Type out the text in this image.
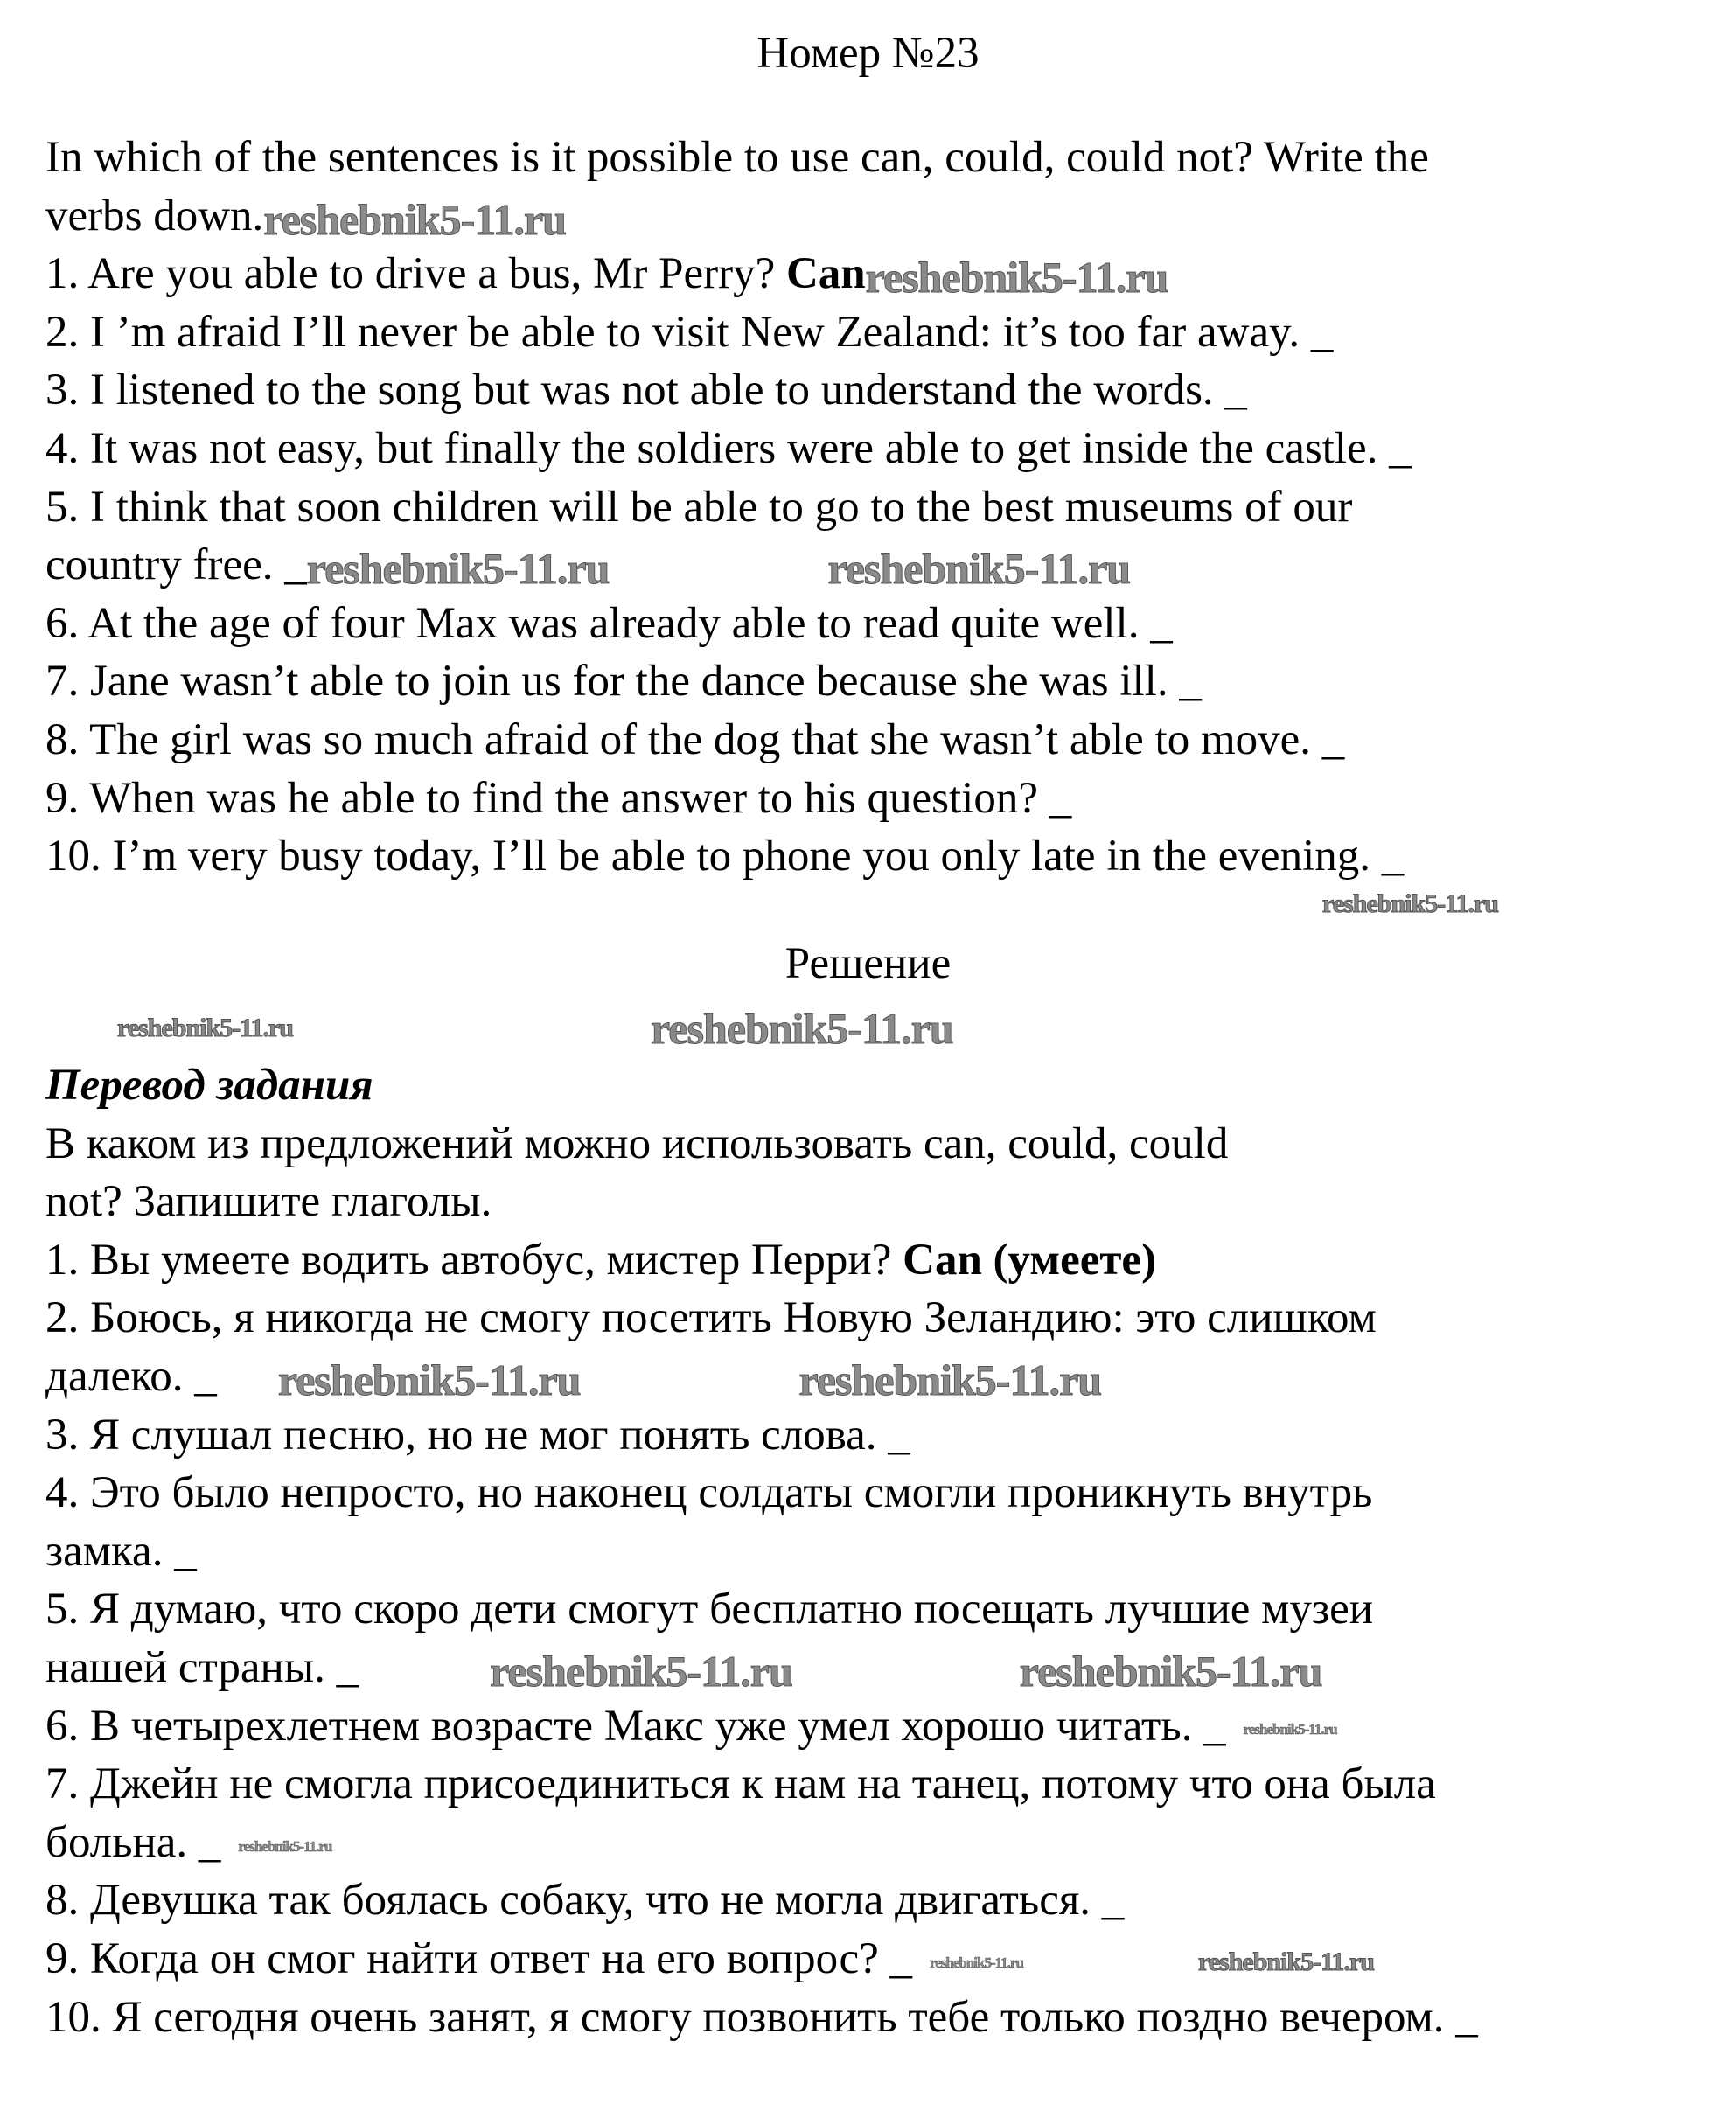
Номер №23
In which of the sentences is it possible to use can, could, could not? Write the
verbs down.reshebnik5-11.ru
1. Are you able to drive a bus, Mr Perry? Canreshebnik5-11.ru
2. I ’m afraid I’ll never be able to visit New Zealand: it’s too far away. _
3. I listened to the song but was not able to understand the words. _
4. It was not easy, but finally the soldiers were able to get inside the castle. _
5. I think that soon children will be able to go to the best museums of our
country free. _reshebnik5-11.ru	reshebnik5-11.ru
6. At the age of four Max was already able to read quite well. _
7. Jane wasn’t able to join us for the dance because she was ill. _
8. The girl was so much afraid of the dog that she wasn’t able to move. _
9. When was he able to find the answer to his question? _
10. I’m very busy today, I’ll be able to phone you only late in the evening. _
reshebnik5-11.ru
Решение
reshebnik5-11.ru	reshebnik5-11.ru
Перевод задания
В каком из предложений можно использовать can, could, could
not? Запишите глаголы.
1. Вы умеете водить автобус, мистер Перри? Can (умеете)
2. Боюсь, я никогда не смогу посетить Новую Зеландию: это слишком
далеко. _ reshebnik5-11.ru	reshebnik5-11.ru
3. Я слушал песню, но не мог понять слова. _
4. Это было непросто, но наконец солдаты смогли проникнуть внутрь
замка. _
5. Я думаю, что скоро дети смогут бесплатно посещать лучшие музеи
нашей страны. _	reshebnik5-11.ru	reshebnik5-11.ru
6. В четырехлетнем возрасте Макс уже умел хорошо читать. _ reshebnik5-11.ru
7. Джейн не смогла присоединиться к нам на танец, потому что она была
больна. _ reshebnik5-11.ru
8. Девушка так боялась собаку, что не могла двигаться. _
9. Когда он смог найти ответ на его вопрос? _ reshebnik5-11.ru	reshebnik5-11.ru
10. Я сегодня очень занят, я смогу позвонить тебе только поздно вечером. _
